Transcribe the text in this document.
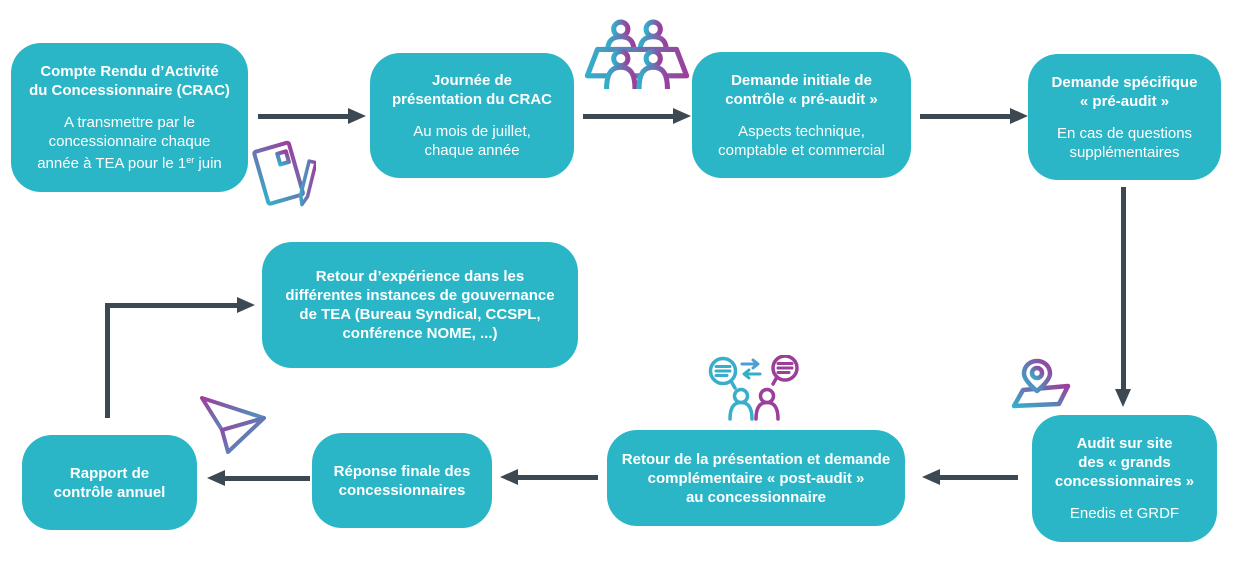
Compte Rendu d’Activité
du Concessionnaire (CRAC)
A transmettre par le
concessionnaire chaque
année à TEA pour le 1er juin
Journée de
présentation du CRAC
Au mois de juillet,
chaque année
Demande initiale de
contrôle « pré-audit »
Aspects technique,
comptable et commercial
Demande spécifique
« pré-audit »
En cas de questions
supplémentaires
Retour d’expérience dans les
différentes instances de gouvernance
de TEA (Bureau Syndical, CCSPL,
conférence NOME, ...)
Rapport de
contrôle annuel
Réponse finale des
concessionnaires
Retour de la présentation et demande
complémentaire « post-audit »
au concessionnaire
Audit sur site
des « grands
concessionnaires »
Enedis et GRDF
